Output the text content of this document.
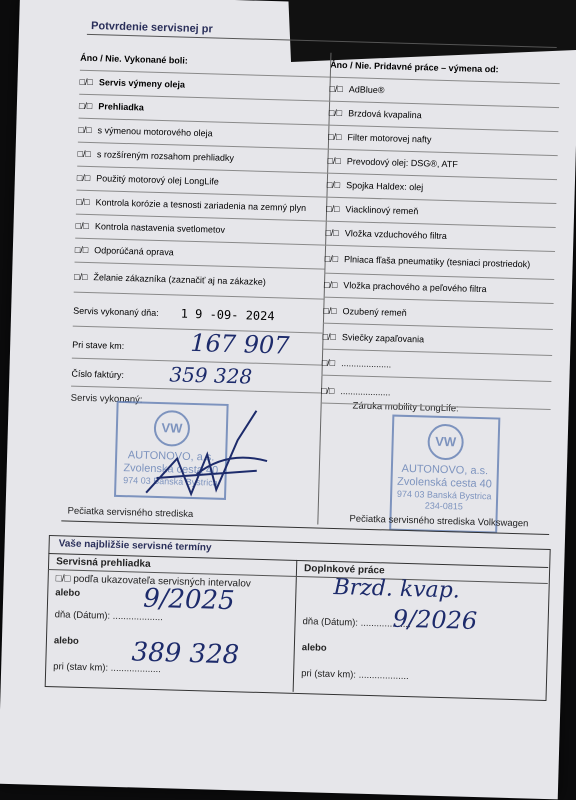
Potvrdenie servisnej pr
Áno / Nie. Vykonané boli:
Áno / Nie. Pridavné práce – výmena od:
Servis vykonaný dňa: 1 9 -09- 2024
Pri stave km:	167 907
Číslo faktúry: 359 328
Servis vykonaný:
Záruka mobility LongLife:
VW
AUTONOVO, a.s.
Zvolenská cesta 40
974 03 Banská Bystrica
VW
AUTONOVO, a.s.
Zvolenská cesta 40
974 03 Banská Bystrica
234-0815
Pečiatka servisného strediska
Pečiatka servisného strediska Volkswagen
Vaše najbližšie servisné termíny
Servisná prehliadka	Doplnkové práce
□/□ podľa ukazovateľa servisných intervalov
alebo
dňa (Dátum): ...................
alebo
pri (stav km): ...................
9/2025
389 328
Brzd. kvap.
dňa (Dátum): ...................
9/2026
alebo
pri (stav km): ...................
□/□ Servis výmeny oleja
□/□ Prehliadka
□/□ s výmenou motorového oleja
□/□ s rozšíreným rozsahom prehliadky
□/□ Použitý motorový olej LongLife
□/□ Kontrola korózie a tesnosti zariadenia na zemný plyn
□/□ Kontrola nastavenia svetlometov
□/□ Odporúčaná oprava
□/□ Želanie zákazníka (zaznačiť aj na zákazke)
□/□ AdBlue®
□/□ Brzdová kvapalina
□/□ Filter motorovej nafty
□/□ Prevodový olej: DSG®, ATF
□/□ Spojka Haldex: olej
□/□ Viacklinový remeň
□/□ Vložka vzduchového filtra
□/□ Plniaca fľaša pneumatiky (tesniaci prostriedok)
□/□ Vložka prachového a peľového filtra
□/□ Ozubený remeň
□/□ Sviečky zapaľovania
□/□ ....................
□/□ ....................
